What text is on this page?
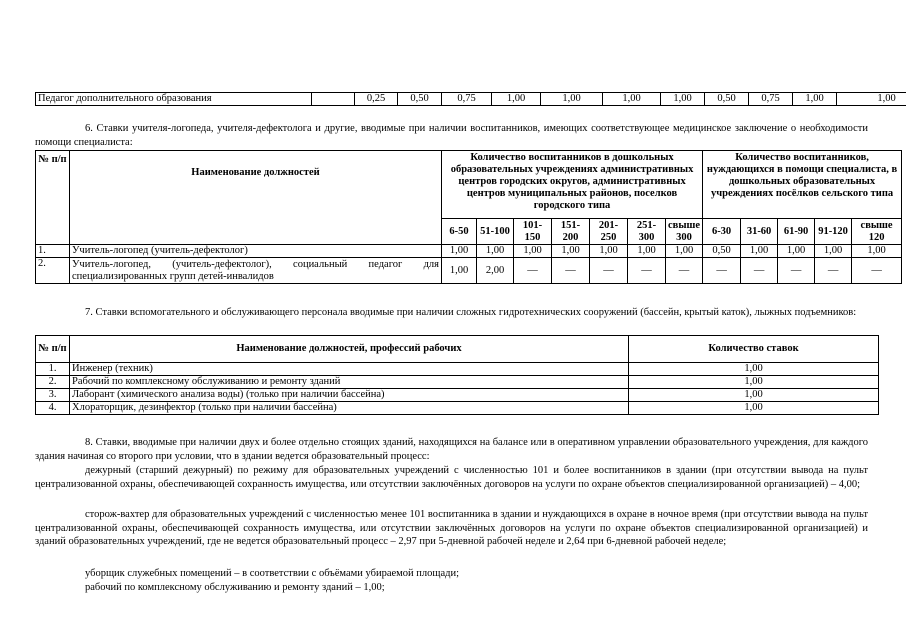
Педагог дополнительного образования		0,25	0,50	0,75	1,00	1,00	1,00	1,00	0,50	0,75	1,00	1,00

6. Ставки учителя-логопеда, учителя-дефектолога и другие, вводимые при наличии воспитанников, имеющих соответствующее медицинское заключение о необходимости помощи специалиста:

№ п/п	Наименование должностей	Количество воспитанников в дошкольных образовательных учреждениях административных центров городских округов, административных центров муниципальных районов, поселков городского типа							Количество воспитанников, нуждающихся в помощи специалиста, в дошкольных образовательных учреждениях посёлков сельского типа				
		6-50	51-100	101-150	151-200	201-250	251-300	свыше 300	6-30	31-60	61-90	91-120	свыше 120
1.	Учитель-логопед (учитель-дефектолог)	1,00	1,00	1,00	1,00	1,00	1,00	1,00	0,50	1,00	1,00	1,00	1,00
2.	Учитель-логопед, (учитель-дефектолог), социальный педагог для специализированных групп детей-инвалидов	1,00	2,00	—	—	—	—	—	—	—	—	—	—

7. Ставки вспомогательного и обслуживающего персонала вводимые при наличии сложных гидротехнических сооружений (бассейн, крытый каток), лыжных подъемников:

№ п/п	Наименование должностей, профессий рабочих	Количество ставок
1.	Инженер (техник)	1,00
2.	Рабочий по комплексному обслуживанию и ремонту зданий	1,00
3.	Лаборант (химического анализа воды) (только при наличии бассейна)	1,00
4.	Хлораторщик, дезинфектор (только при наличии бассейна)	1,00

8. Ставки, вводимые при наличии двух и более отдельно стоящих зданий, находящихся на балансе или в оперативном управлении образовательного учреждения, для каждого здания начиная со второго при условии, что в здании ведется образовательный процесс:

дежурный (старший дежурный) по режиму для образовательных учреждений с численностью 101 и более воспитанников в здании (при отсутствии вывода на пульт централизованной охраны, обеспечивающей сохранность имущества, или отсутствии заключённых договоров на услуги по охране объектов специализированной организацией) – 4,00;

сторож-вахтер для образовательных учреждений с численностью менее 101 воспитанника в здании и нуждающихся в охране в ночное время (при отсутствии вывода на пульт централизованной охраны, обеспечивающей сохранность имущества, или отсутствии заключённых договоров на услуги по охране объектов специализированной организацией) и зданий образовательных учреждений, где не ведется образовательный процесс – 2,97 при 5-дневной рабочей неделе и 2,64 при 6-дневной рабочей неделе;

уборщик служебных помещений – в соответствии с объёмами убираемой площади;

рабочий по комплексному обслуживанию и ремонту зданий – 1,00;
